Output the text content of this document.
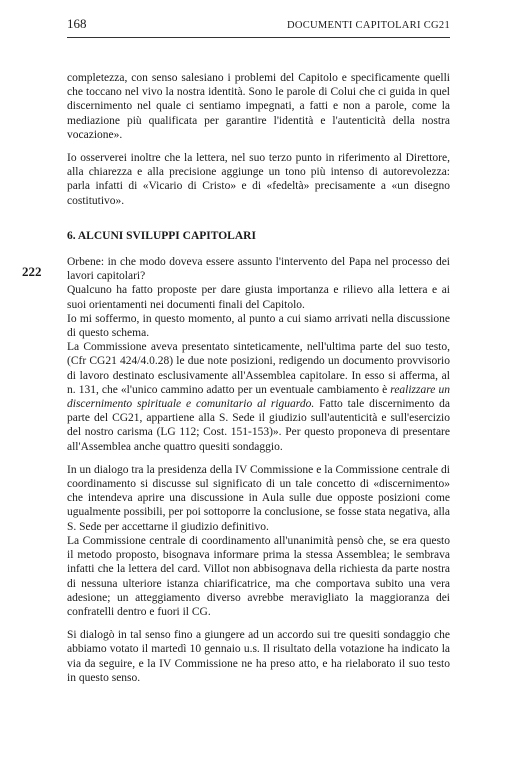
168	DOCUMENTI CAPITOLARI CG21
222

completezza, con senso salesiano i problemi del Capitolo e specificamente quelli che toccano nel vivo la nostra identità. Sono le parole di Colui che ci guida in quel discernimento nel quale ci sentiamo impegnati, a fatti e non a parole, come la mediazione più qualificata per garantire l'identità e l'autenticità della nostra vocazione».

Io osserverei inoltre che la lettera, nel suo terzo punto in riferimento al Direttore, alla chiarezza e alla precisione aggiunge un tono più intenso di autorevolezza: parla infatti di «Vicario di Cristo» e di «fedeltà» precisamente a «un disegno costitutivo».

6. ALCUNI SVILUPPI CAPITOLARI

Orbene: in che modo doveva essere assunto l'intervento del Papa nel processo dei lavori capitolari?

Qualcuno ha fatto proposte per dare giusta importanza e rilievo alla lettera e ai suoi orientamenti nei documenti finali del Capitolo.

Io mi soffermo, in questo momento, al punto a cui siamo arrivati nella discussione di questo schema.

La Commissione aveva presentato sinteticamente, nell'ultima parte del suo testo, (Cfr CG21 424/4.0.28) le due note posizioni, redigendo un documento provvisorio di lavoro destinato esclusivamente all'Assemblea capitolare. In esso si afferma, al n. 131, che «l'unico cammino adatto per un eventuale cambiamento è realizzare un discernimento spirituale e comunitario al riguardo. Fatto tale discernimento da parte del CG21, appartiene alla S. Sede il giudizio sull'autenticità e sull'esercizio del nostro carisma (LG 112; Cost. 151-153)». Per questo proponeva di presentare all'Assemblea anche quattro quesiti sondaggio.

In un dialogo tra la presidenza della IV Commissione e la Commissione centrale di coordinamento si discusse sul significato di un tale concetto di «discernimento» che intendeva aprire una discussione in Aula sulle due opposte posizioni come ugualmente possibili, per poi sottoporre la conclusione, se fosse stata negativa, alla S. Sede per accettarne il giudizio definitivo.

La Commissione centrale di coordinamento all'unanimità pensò che, se era questo il metodo proposto, bisognava informare prima la stessa Assemblea; le sembrava infatti che la lettera del card. Villot non abbisognava della richiesta da parte nostra di nessuna ulteriore istanza chiarificatrice, ma che comportava subito una vera adesione; un atteggiamento diverso avrebbe meravigliato la maggioranza dei confratelli dentro e fuori il CG.

Si dialogò in tal senso fino a giungere ad un accordo sui tre quesiti sondaggio che abbiamo votato il martedì 10 gennaio u.s. Il risultato della votazione ha indicato la via da seguire, e la IV Commissione ne ha preso atto, e ha rielaborato il suo testo in questo senso.
